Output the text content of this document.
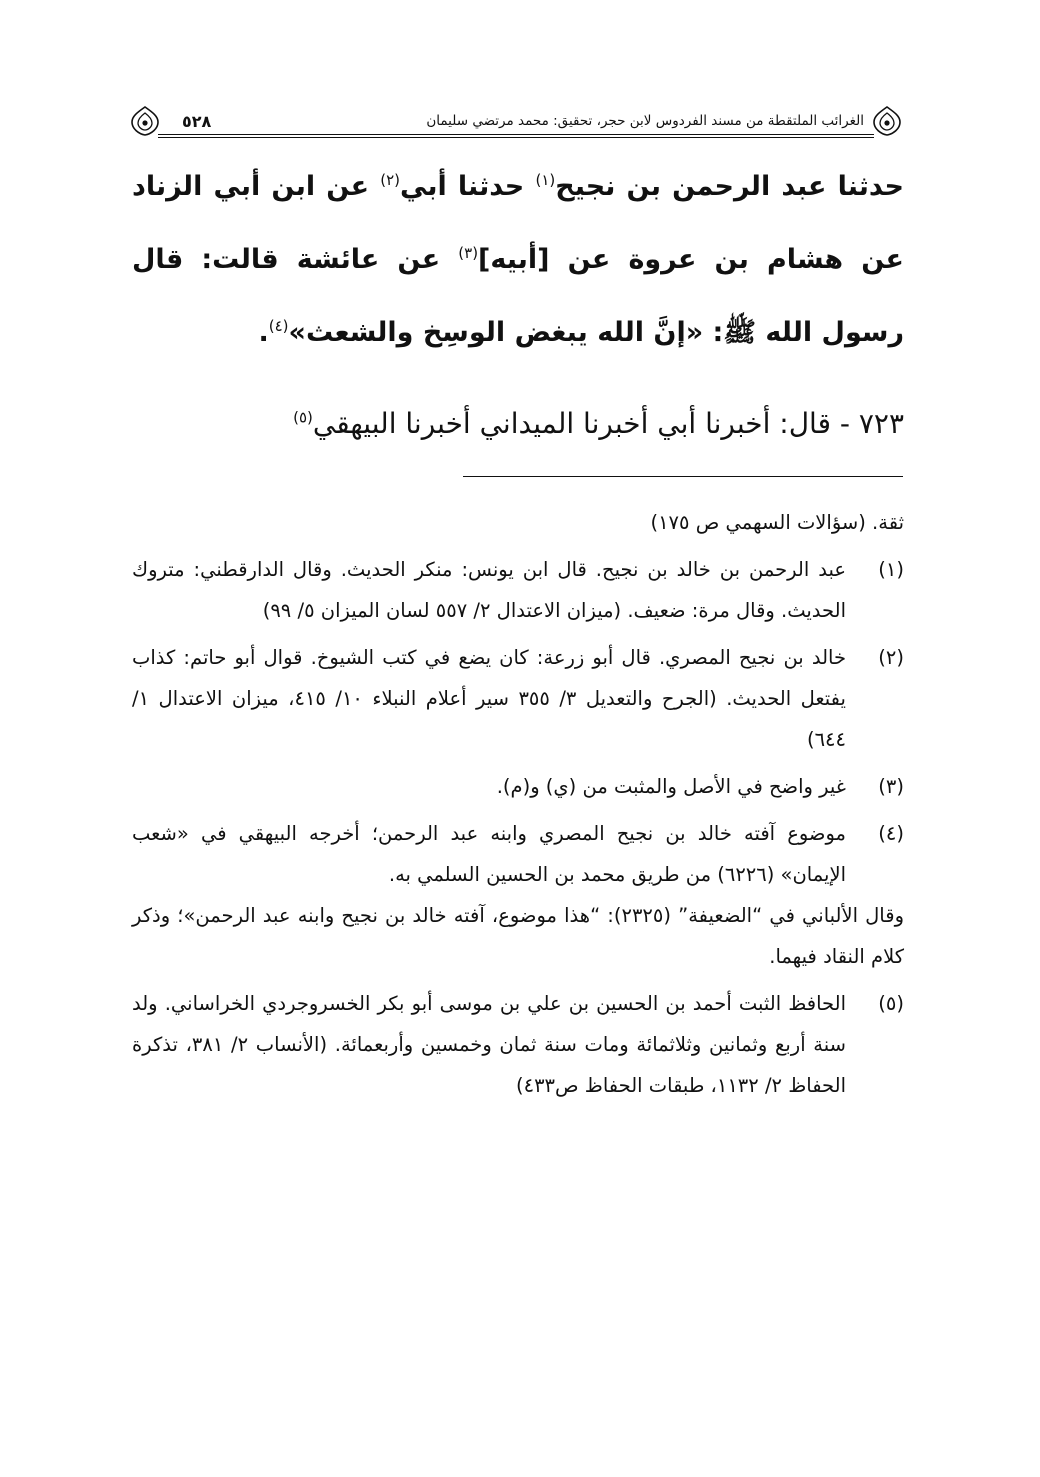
الغرائب الملتقطة من مسند الفردوس لابن حجر، تحقيق: محمد مرتضي سليمان
٥٢٨

حدثنا عبد الرحمن بن نجيح$^{(١)}$ حدثنا أبي$^{(٢)}$ عن ابن أبي الزناد عن هشام بن عروة عن [أبيه]$^{(٣)}$ عن عائشة قالت: قال رسول الله ﷺ: «إنَّ الله يبغض الوسِخ والشعث»$^{(٤)}$.

٧٢٣ - قال: أخبرنا أبي أخبرنا الميداني أخبرنا البيهقي$^{(٥)}$

ثقة. (سؤالات السهمي ص ١٧٥)

(١)

عبد الرحمن بن خالد بن نجيح. قال ابن يونس: منكر الحديث. وقال الدارقطني: متروك الحديث. وقال مرة: ضعيف. (ميزان الاعتدال ٢/ ٥٥٧ لسان الميزان ٥/ ٩٩)

(٢)

خالد بن نجيح المصري. قال أبو زرعة: كان يضع في كتب الشيوخ. قوال أبو حاتم: كذاب يفتعل الحديث. (الجرح والتعديل ٣/ ٣٥٥ سير أعلام النبلاء ١٠/ ٤١٥، ميزان الاعتدال ١/ ٦٤٤)

(٣)

غير واضح في الأصل والمثبت من (ي) و(م).

(٤)

موضوع آفته خالد بن نجيح المصري وابنه عبد الرحمن؛ أخرجه البيهقي في «شعب الإيمان» (٦٢٢٦) من طريق محمد بن الحسين السلمي به.

وقال الألباني في “الضعيفة” (٢٣٢٥): “هذا موضوع، آفته خالد بن نجيح وابنه عبد الرحمن»؛ وذكر كلام النقاد فيهما.

(٥)

الحافظ الثبت أحمد بن الحسين بن علي بن موسى أبو بكر الخسروجردي الخراساني. ولد سنة أربع وثمانين وثلاثمائة ومات سنة ثمان وخمسين وأربعمائة. (الأنساب ٢/ ٣٨١، تذكرة الحفاظ ٢/ ١١٣٢، طبقات الحفاظ ص٤٣٣)
